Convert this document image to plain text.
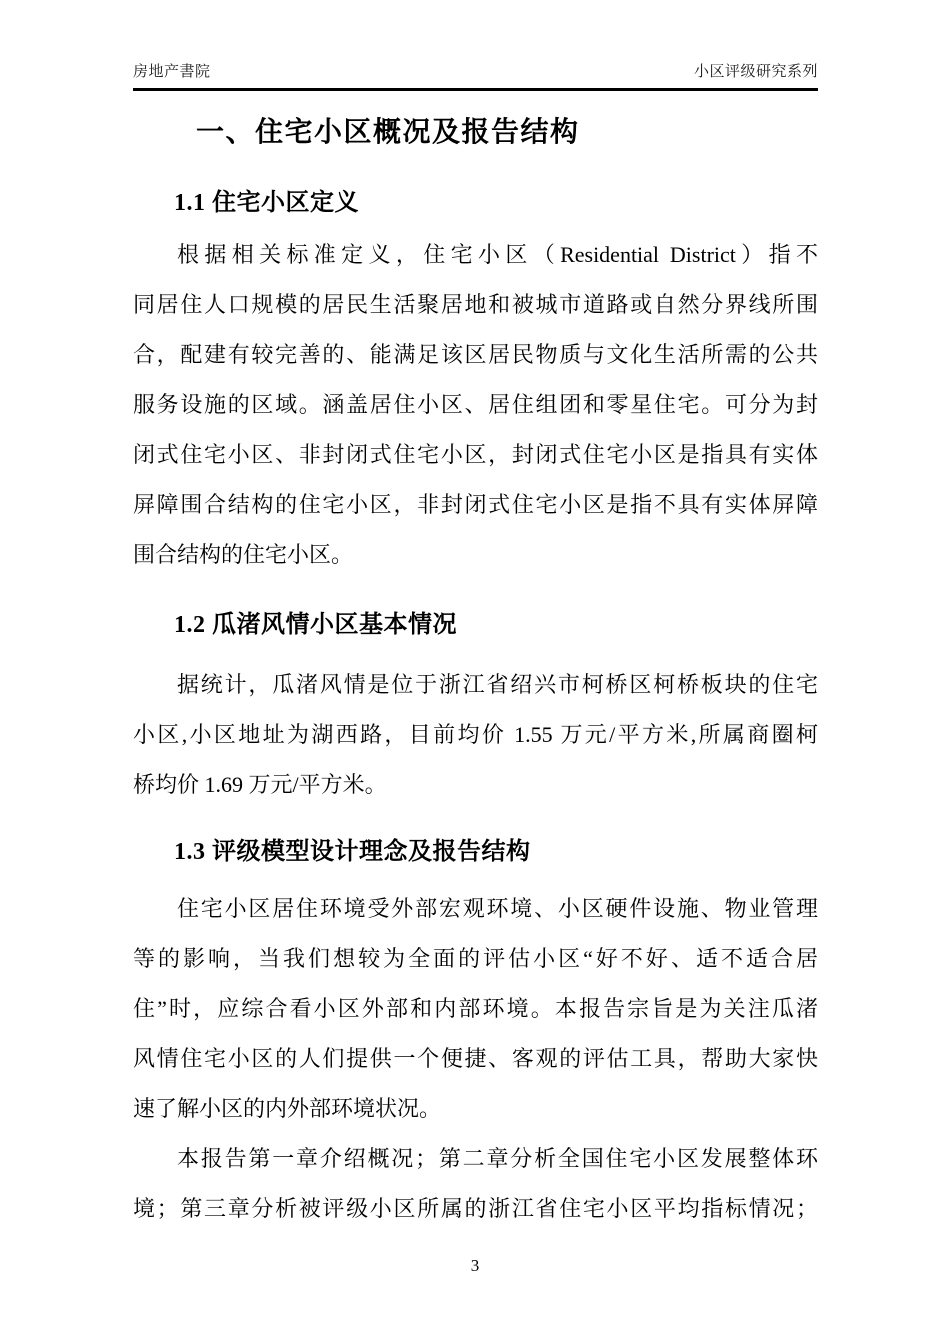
房地产書院	小区评级研究系列
一、住宅小区概况及报告结构
1.1 住宅小区定义
根据相关标准定义，住宅小区（Residential District）指不
同居住人口规模的居民生活聚居地和被城市道路或自然分界线所围
合，配建有较完善的、能满足该区居民物质与文化生活所需的公共
服务设施的区域。涵盖居住小区、居住组团和零星住宅。可分为封
闭式住宅小区、非封闭式住宅小区，封闭式住宅小区是指具有实体
屏障围合结构的住宅小区，非封闭式住宅小区是指不具有实体屏障
围合结构的住宅小区。
1.2 瓜渚风情小区基本情况
据统计，瓜渚风情是位于浙江省绍兴市柯桥区柯桥板块的住宅
小区,小区地址为湖西路，目前均价 1.55 万元/平方米,所属商圈柯
桥均价 1.69 万元/平方米。
1.3 评级模型设计理念及报告结构
住宅小区居住环境受外部宏观环境、小区硬件设施、物业管理
等的影响，当我们想较为全面的评估小区“好不好、适不适合居
住”时，应综合看小区外部和内部环境。本报告宗旨是为关注瓜渚
风情住宅小区的人们提供一个便捷、客观的评估工具，帮助大家快
速了解小区的内外部环境状况。
本报告第一章介绍概况；第二章分析全国住宅小区发展整体环
境；第三章分析被评级小区所属的浙江省住宅小区平均指标情况；
3
